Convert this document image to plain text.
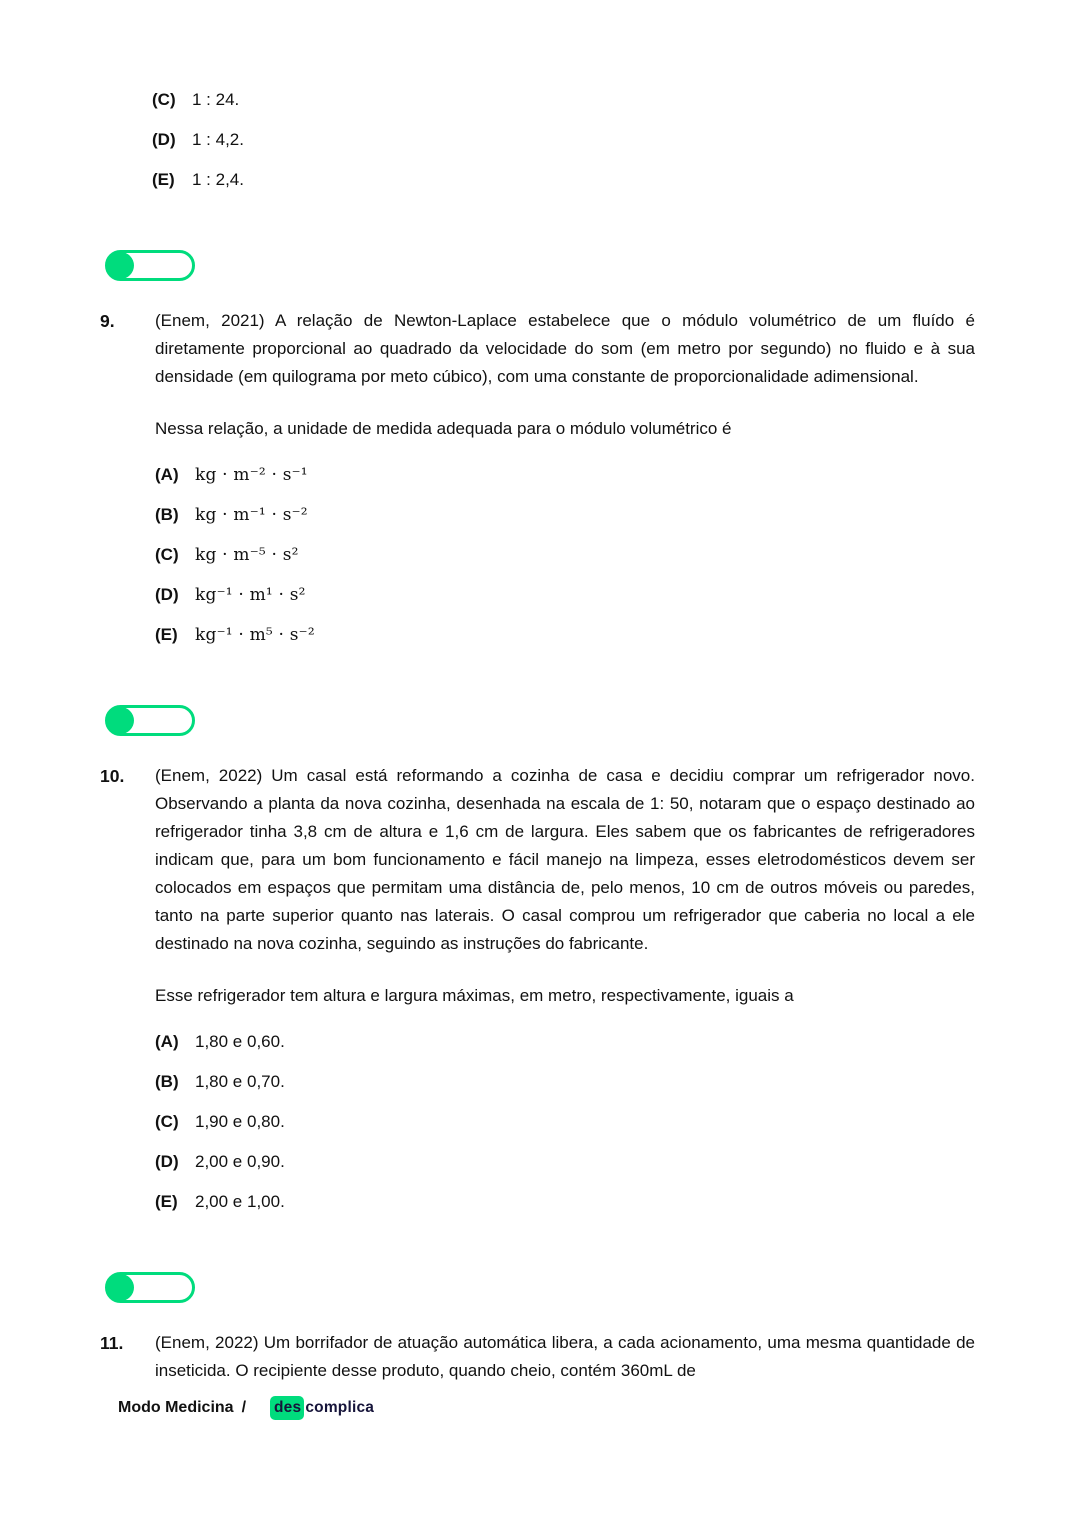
(C) 1 : 24.
(D) 1 : 4,2.
(E)	1 : 2,4.
9.	(Enem, 2021) A relação de Newton-Laplace estabelece que o módulo volumétrico de um fluído é diretamente proporcional ao quadrado da velocidade do som (em metro por segundo) no fluido e à sua densidade (em quilograma por meto cúbico), com uma constante de proporcionalidade adimensional.

Nessa relação, a unidade de medida adequada para o módulo volumétrico é

(A) kg · m⁻² · s⁻¹
(B) kg · m⁻¹ · s⁻²
(C) kg · m⁻⁵ · s²
(D) kg⁻¹ · m¹ · s²
(E)	kg⁻¹ · m⁵ · s⁻²
10.	(Enem, 2022) Um casal está reformando a cozinha de casa e decidiu comprar um refrigerador novo. Observando a planta da nova cozinha, desenhada na escala de 1: 50, notaram que o espaço destinado ao refrigerador tinha 3,8 cm de altura e 1,6 cm de largura. Eles sabem que os fabricantes de refrigeradores indicam que, para um bom funcionamento e fácil manejo na limpeza, esses eletrodomésticos devem ser colocados em espaços que permitam uma distância de, pelo menos, 10 cm de outros móveis ou paredes, tanto na parte superior quanto nas laterais. O casal comprou um refrigerador que caberia no local a ele destinado na nova cozinha, seguindo as instruções do fabricante.

Esse refrigerador tem altura e largura máximas, em metro, respectivamente, iguais a

(A) 1,80 e 0,60.
(B) 1,80 e 0,70.
(C) 1,90 e 0,80.
(D) 2,00 e 0,90.
(E)	2,00 e 1,00.
11.	(Enem, 2022) Um borrifador de atuação automática libera, a cada acionamento, uma mesma quantidade de inseticida. O recipiente desse produto, quando cheio, contém 360mL de

Modo Medicina / des complica
